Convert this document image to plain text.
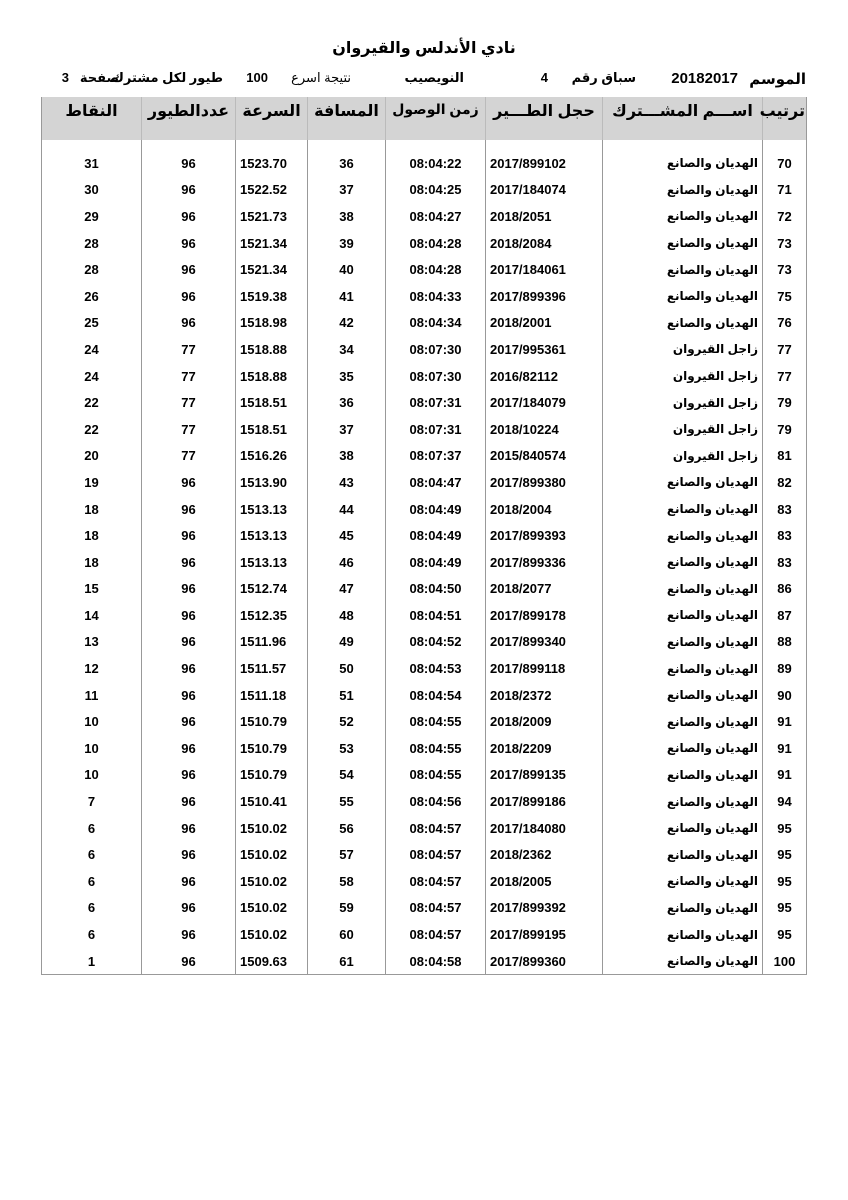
نادي الأندلس والقيروان
الموسم
20182017
سباق رقم
4
النويصيب
نتيجة اسرع
100
طيور لكل مشترك
صفحة
3
ترتيب	اســـم المشـــترك	حجل الطـــير	زمن الوصول	المسافة	السرعة	عددالطيور	النقاط
70	الهديان والصانع	2017/899102	08:04:22	36	1523.70	96	31
71	الهديان والصانع	2017/184074	08:04:25	37	1522.52	96	30
72	الهديان والصانع	2018/2051	08:04:27	38	1521.73	96	29
73	الهديان والصانع	2018/2084	08:04:28	39	1521.34	96	28
73	الهديان والصانع	2017/184061	08:04:28	40	1521.34	96	28
75	الهديان والصانع	2017/899396	08:04:33	41	1519.38	96	26
76	الهديان والصانع	2018/2001	08:04:34	42	1518.98	96	25
77	زاجل القيروان	2017/995361	08:07:30	34	1518.88	77	24
77	زاجل القيروان	2016/82112	08:07:30	35	1518.88	77	24
79	زاجل القيروان	2017/184079	08:07:31	36	1518.51	77	22
79	زاجل القيروان	2018/10224	08:07:31	37	1518.51	77	22
81	زاجل القيروان	2015/840574	08:07:37	38	1516.26	77	20
82	الهديان والصانع	2017/899380	08:04:47	43	1513.90	96	19
83	الهديان والصانع	2018/2004	08:04:49	44	1513.13	96	18
83	الهديان والصانع	2017/899393	08:04:49	45	1513.13	96	18
83	الهديان والصانع	2017/899336	08:04:49	46	1513.13	96	18
86	الهديان والصانع	2018/2077	08:04:50	47	1512.74	96	15
87	الهديان والصانع	2017/899178	08:04:51	48	1512.35	96	14
88	الهديان والصانع	2017/899340	08:04:52	49	1511.96	96	13
89	الهديان والصانع	2017/899118	08:04:53	50	1511.57	96	12
90	الهديان والصانع	2018/2372	08:04:54	51	1511.18	96	11
91	الهديان والصانع	2018/2009	08:04:55	52	1510.79	96	10
91	الهديان والصانع	2018/2209	08:04:55	53	1510.79	96	10
91	الهديان والصانع	2017/899135	08:04:55	54	1510.79	96	10
94	الهديان والصانع	2017/899186	08:04:56	55	1510.41	96	7
95	الهديان والصانع	2017/184080	08:04:57	56	1510.02	96	6
95	الهديان والصانع	2018/2362	08:04:57	57	1510.02	96	6
95	الهديان والصانع	2018/2005	08:04:57	58	1510.02	96	6
95	الهديان والصانع	2017/899392	08:04:57	59	1510.02	96	6
95	الهديان والصانع	2017/899195	08:04:57	60	1510.02	96	6
100	الهديان والصانع	2017/899360	08:04:58	61	1509.63	96	1
